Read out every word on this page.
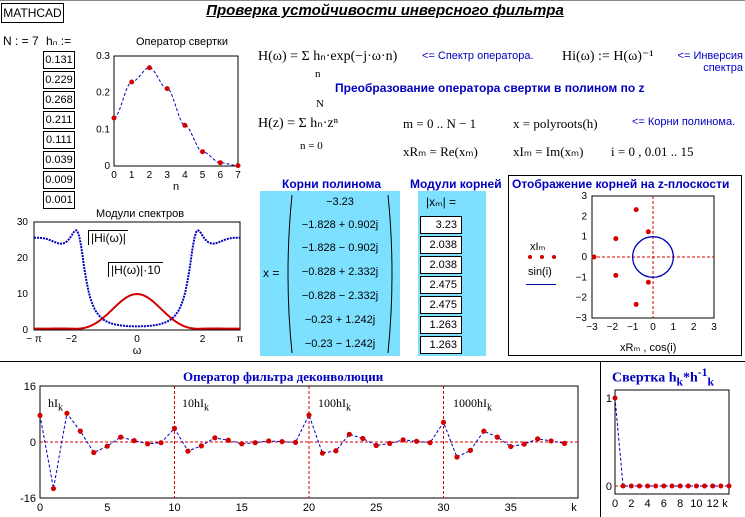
MATHCAD	Проверка устойчивости инверсного фильтра
N : = 7 hₙ :=
0.131
0.229
0.268
0.211
0.111
0.039
0.009
0.001
Оператор свертки
0 1 2 3 4 5 6 7
0
0.1
0.2
0.3
n
H(ω) = Σ hₙ·exp(−j·ω·n)
n
<= Спектр оператора. Hi(ω) := H(ω)⁻¹	<= Инверсия
спектра
Преобразование оператора свертки в полином по z
N
H(z) = Σ hₙ·zⁿ
n = 0
m = 0 .. N − 1	x = polyroots(h)	<= Корни полинома.
xRₘ = Re(xₘ)	xIₘ = Im(xₘ) i = 0 , 0.01 .. 15
Корни полинома
x =
−3.23
−1.828 + 0.902j
−1.828 − 0.902j
−0.828 + 2.332j
−0.828 − 2.332j
−0.23 + 1.242j
−0.23 − 1.242j
Модули корней
|xₘ| =
3.23
2.038
2.038
2.475
2.475
1.263
1.263
Отображение корней на z-плоскости
xIₘ
sin(i)
−3 −2 −1 0 1 2 3
3
2
1
0
−1
−2
−3
xRₘ , cos(i)
Модули спектров
− π −2	0	2	π
0
10
20
30
ω
|Hi(ω)|
|H(ω)|·10
Оператор фильтра деконволюции
0	5	10	15	20	25	30	35	k
16
0
-16
$hI_k$	$10hI_k$	$100hI_k$	$1000hI_k$
Свертка $h_k*h^{-1}_k$
0 2 4 6 8 10 12 k
1
0
